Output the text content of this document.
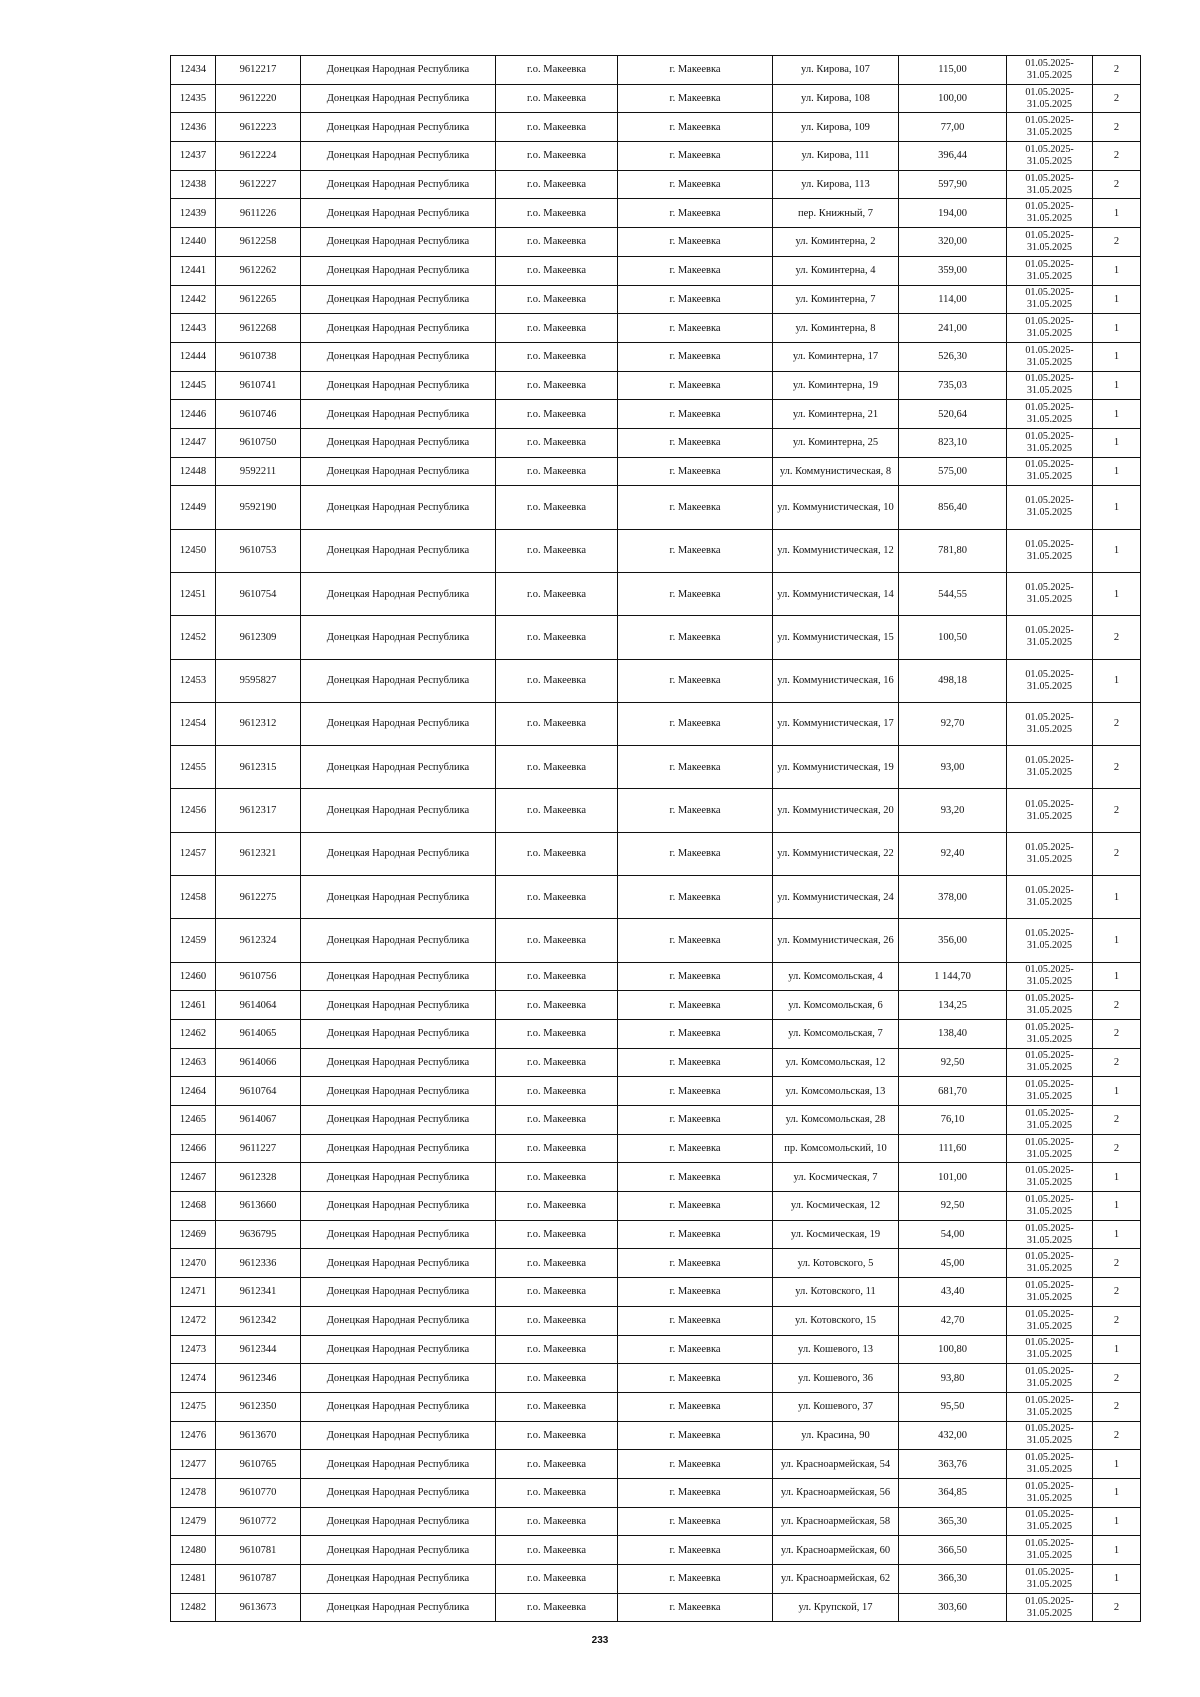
12434	9612217	Донецкая Народная Республика	г.о. Макеевка	г. Макеевка	ул. Кирова, 107	115,00	01.05.2025-
31.05.2025	2
12435	9612220	Донецкая Народная Республика	г.о. Макеевка	г. Макеевка	ул. Кирова, 108	100,00	01.05.2025-
31.05.2025	2
12436	9612223	Донецкая Народная Республика	г.о. Макеевка	г. Макеевка	ул. Кирова, 109	77,00	01.05.2025-
31.05.2025	2
12437	9612224	Донецкая Народная Республика	г.о. Макеевка	г. Макеевка	ул. Кирова, 111	396,44	01.05.2025-
31.05.2025	2
12438	9612227	Донецкая Народная Республика	г.о. Макеевка	г. Макеевка	ул. Кирова, 113	597,90	01.05.2025-
31.05.2025	2
12439	9611226	Донецкая Народная Республика	г.о. Макеевка	г. Макеевка	пер. Книжный, 7	194,00	01.05.2025-
31.05.2025	1
12440	9612258	Донецкая Народная Республика	г.о. Макеевка	г. Макеевка	ул. Коминтерна, 2	320,00	01.05.2025-
31.05.2025	2
12441	9612262	Донецкая Народная Республика	г.о. Макеевка	г. Макеевка	ул. Коминтерна, 4	359,00	01.05.2025-
31.05.2025	1
12442	9612265	Донецкая Народная Республика	г.о. Макеевка	г. Макеевка	ул. Коминтерна, 7	114,00	01.05.2025-
31.05.2025	1
12443	9612268	Донецкая Народная Республика	г.о. Макеевка	г. Макеевка	ул. Коминтерна, 8	241,00	01.05.2025-
31.05.2025	1
12444	9610738	Донецкая Народная Республика	г.о. Макеевка	г. Макеевка	ул. Коминтерна, 17	526,30	01.05.2025-
31.05.2025	1
12445	9610741	Донецкая Народная Республика	г.о. Макеевка	г. Макеевка	ул. Коминтерна, 19	735,03	01.05.2025-
31.05.2025	1
12446	9610746	Донецкая Народная Республика	г.о. Макеевка	г. Макеевка	ул. Коминтерна, 21	520,64	01.05.2025-
31.05.2025	1
12447	9610750	Донецкая Народная Республика	г.о. Макеевка	г. Макеевка	ул. Коминтерна, 25	823,10	01.05.2025-
31.05.2025	1
12448	9592211	Донецкая Народная Республика	г.о. Макеевка	г. Макеевка	ул. Коммунистическая, 8	575,00	01.05.2025-
31.05.2025	1
12449	9592190	Донецкая Народная Республика	г.о. Макеевка	г. Макеевка	ул. Коммунистическая, 10	856,40	01.05.2025-
31.05.2025	1
12450	9610753	Донецкая Народная Республика	г.о. Макеевка	г. Макеевка	ул. Коммунистическая, 12	781,80	01.05.2025-
31.05.2025	1
12451	9610754	Донецкая Народная Республика	г.о. Макеевка	г. Макеевка	ул. Коммунистическая, 14	544,55	01.05.2025-
31.05.2025	1
12452	9612309	Донецкая Народная Республика	г.о. Макеевка	г. Макеевка	ул. Коммунистическая, 15	100,50	01.05.2025-
31.05.2025	2
12453	9595827	Донецкая Народная Республика	г.о. Макеевка	г. Макеевка	ул. Коммунистическая, 16	498,18	01.05.2025-
31.05.2025	1
12454	9612312	Донецкая Народная Республика	г.о. Макеевка	г. Макеевка	ул. Коммунистическая, 17	92,70	01.05.2025-
31.05.2025	2
12455	9612315	Донецкая Народная Республика	г.о. Макеевка	г. Макеевка	ул. Коммунистическая, 19	93,00	01.05.2025-
31.05.2025	2
12456	9612317	Донецкая Народная Республика	г.о. Макеевка	г. Макеевка	ул. Коммунистическая, 20	93,20	01.05.2025-
31.05.2025	2
12457	9612321	Донецкая Народная Республика	г.о. Макеевка	г. Макеевка	ул. Коммунистическая, 22	92,40	01.05.2025-
31.05.2025	2
12458	9612275	Донецкая Народная Республика	г.о. Макеевка	г. Макеевка	ул. Коммунистическая, 24	378,00	01.05.2025-
31.05.2025	1
12459	9612324	Донецкая Народная Республика	г.о. Макеевка	г. Макеевка	ул. Коммунистическая, 26	356,00	01.05.2025-
31.05.2025	1
12460	9610756	Донецкая Народная Республика	г.о. Макеевка	г. Макеевка	ул. Комсомольская, 4	1 144,70	01.05.2025-
31.05.2025	1
12461	9614064	Донецкая Народная Республика	г.о. Макеевка	г. Макеевка	ул. Комсомольская, 6	134,25	01.05.2025-
31.05.2025	2
12462	9614065	Донецкая Народная Республика	г.о. Макеевка	г. Макеевка	ул. Комсомольская, 7	138,40	01.05.2025-
31.05.2025	2
12463	9614066	Донецкая Народная Республика	г.о. Макеевка	г. Макеевка	ул. Комсомольская, 12	92,50	01.05.2025-
31.05.2025	2
12464	9610764	Донецкая Народная Республика	г.о. Макеевка	г. Макеевка	ул. Комсомольская, 13	681,70	01.05.2025-
31.05.2025	1
12465	9614067	Донецкая Народная Республика	г.о. Макеевка	г. Макеевка	ул. Комсомольская, 28	76,10	01.05.2025-
31.05.2025	2
12466	9611227	Донецкая Народная Республика	г.о. Макеевка	г. Макеевка	пр. Комсомольский, 10	111,60	01.05.2025-
31.05.2025	2
12467	9612328	Донецкая Народная Республика	г.о. Макеевка	г. Макеевка	ул. Космическая, 7	101,00	01.05.2025-
31.05.2025	1
12468	9613660	Донецкая Народная Республика	г.о. Макеевка	г. Макеевка	ул. Космическая, 12	92,50	01.05.2025-
31.05.2025	1
12469	9636795	Донецкая Народная Республика	г.о. Макеевка	г. Макеевка	ул. Космическая, 19	54,00	01.05.2025-
31.05.2025	1
12470	9612336	Донецкая Народная Республика	г.о. Макеевка	г. Макеевка	ул. Котовского, 5	45,00	01.05.2025-
31.05.2025	2
12471	9612341	Донецкая Народная Республика	г.о. Макеевка	г. Макеевка	ул. Котовского, 11	43,40	01.05.2025-
31.05.2025	2
12472	9612342	Донецкая Народная Республика	г.о. Макеевка	г. Макеевка	ул. Котовского, 15	42,70	01.05.2025-
31.05.2025	2
12473	9612344	Донецкая Народная Республика	г.о. Макеевка	г. Макеевка	ул. Кошевого, 13	100,80	01.05.2025-
31.05.2025	1
12474	9612346	Донецкая Народная Республика	г.о. Макеевка	г. Макеевка	ул. Кошевого, 36	93,80	01.05.2025-
31.05.2025	2
12475	9612350	Донецкая Народная Республика	г.о. Макеевка	г. Макеевка	ул. Кошевого, 37	95,50	01.05.2025-
31.05.2025	2
12476	9613670	Донецкая Народная Республика	г.о. Макеевка	г. Макеевка	ул. Красина, 90	432,00	01.05.2025-
31.05.2025	2
12477	9610765	Донецкая Народная Республика	г.о. Макеевка	г. Макеевка	ул. Красноармейская, 54	363,76	01.05.2025-
31.05.2025	1
12478	9610770	Донецкая Народная Республика	г.о. Макеевка	г. Макеевка	ул. Красноармейская, 56	364,85	01.05.2025-
31.05.2025	1
12479	9610772	Донецкая Народная Республика	г.о. Макеевка	г. Макеевка	ул. Красноармейская, 58	365,30	01.05.2025-
31.05.2025	1
12480	9610781	Донецкая Народная Республика	г.о. Макеевка	г. Макеевка	ул. Красноармейская, 60	366,50	01.05.2025-
31.05.2025	1
12481	9610787	Донецкая Народная Республика	г.о. Макеевка	г. Макеевка	ул. Красноармейская, 62	366,30	01.05.2025-
31.05.2025	1
12482	9613673	Донецкая Народная Республика	г.о. Макеевка	г. Макеевка	ул. Крупской, 17	303,60	01.05.2025-
31.05.2025	2
233
